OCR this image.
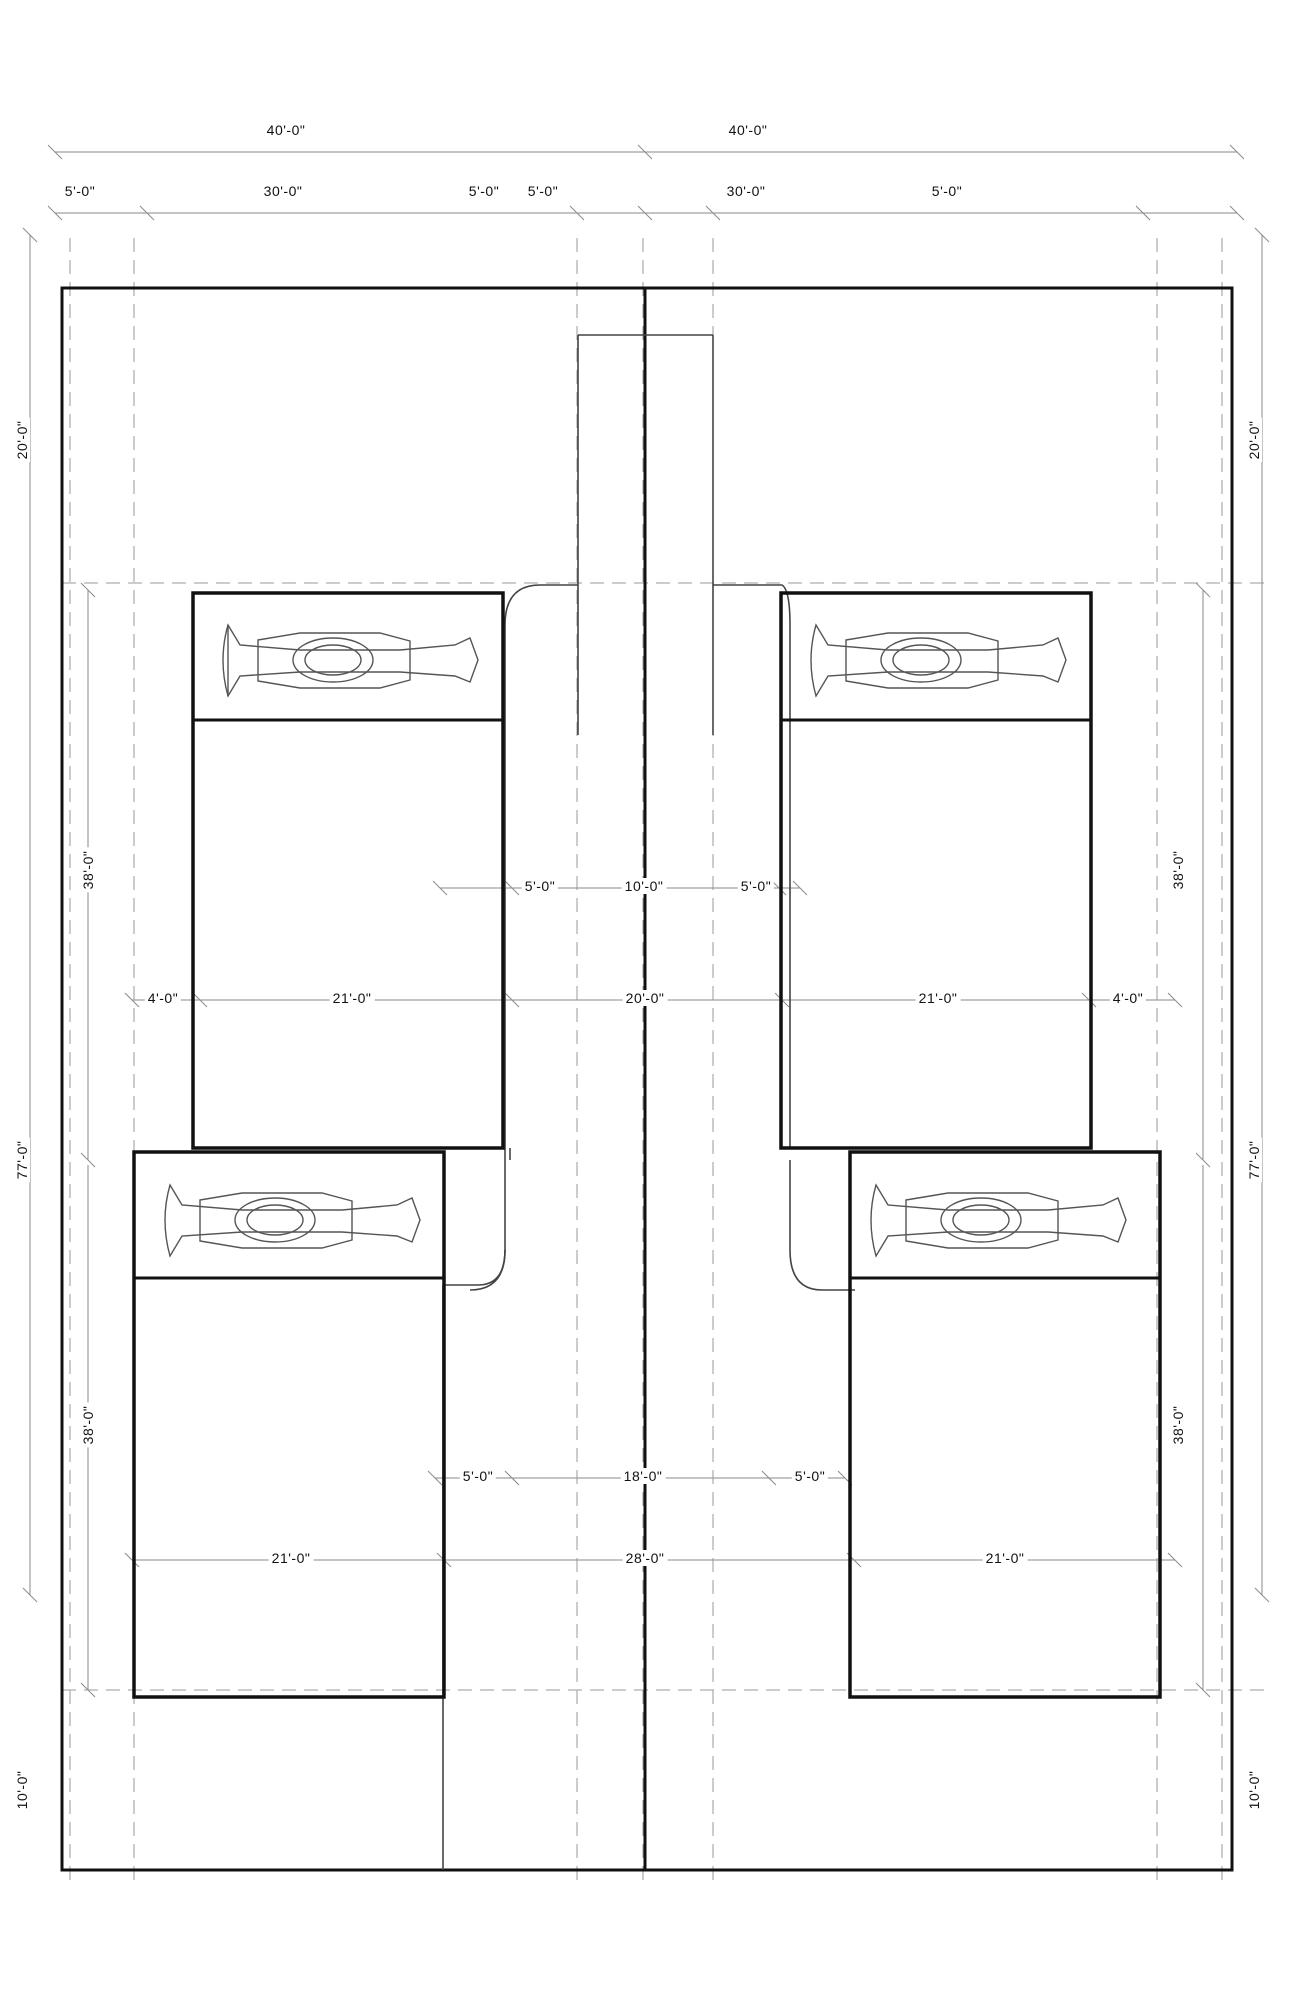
40'-0"	40'-0"
5'-0"	30'-0"	5'-0" 5'-0"	30'-0"	5'-0"
20'-0"
38'-0"
77'-0"
38'-0"
10'-0"
20'-0"
38'-0"
77'-0"
38'-0"
10'-0"
5'-0"	10'-0"	5'-0"
4'-0"	21'-0"	20'-0"	21'-0"	4'-0"
5'-0"	18'-0"	5'-0"
21'-0"	28'-0"	21'-0"
